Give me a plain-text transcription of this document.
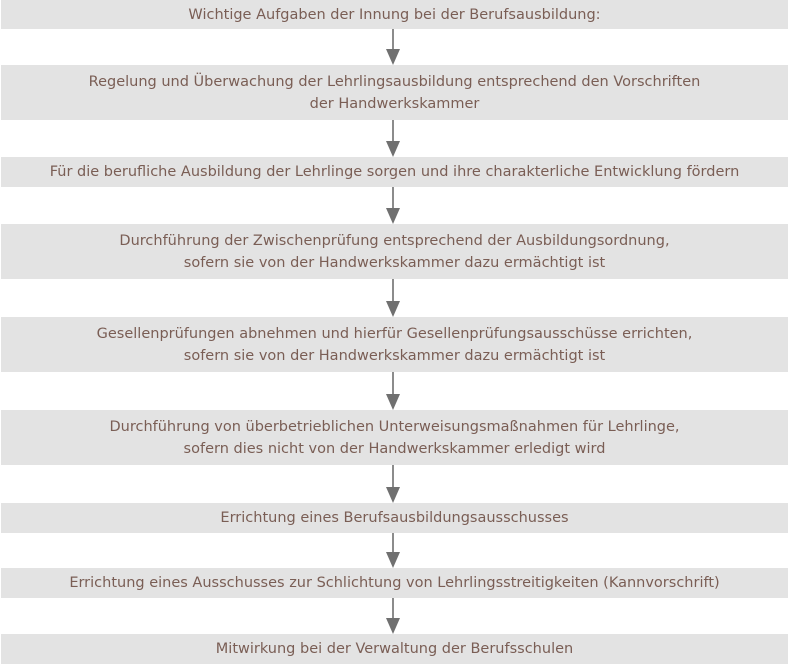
Wichtige Aufgaben der Innung bei der Berufsausbildung:
Regelung und Überwachung der Lehrlingsausbildung entsprechend den Vorschriften
der Handwerkskammer
Für die berufliche Ausbildung der Lehrlinge sorgen und ihre charakterliche Entwicklung fördern
Durchführung der Zwischenprüfung entsprechend der Ausbildungsordnung,
sofern sie von der Handwerkskammer dazu ermächtigt ist
Gesellenprüfungen abnehmen und hierfür Gesellenprüfungsausschüsse errichten,
sofern sie von der Handwerkskammer dazu ermächtigt ist
Durchführung von überbetrieblichen Unterweisungsmaßnahmen für Lehrlinge,
sofern dies nicht von der Handwerkskammer erledigt wird
Errichtung eines Berufsausbildungsausschusses
Errichtung eines Ausschusses zur Schlichtung von Lehrlingsstreitigkeiten (Kannvorschrift)
Mitwirkung bei der Verwaltung der Berufsschulen
